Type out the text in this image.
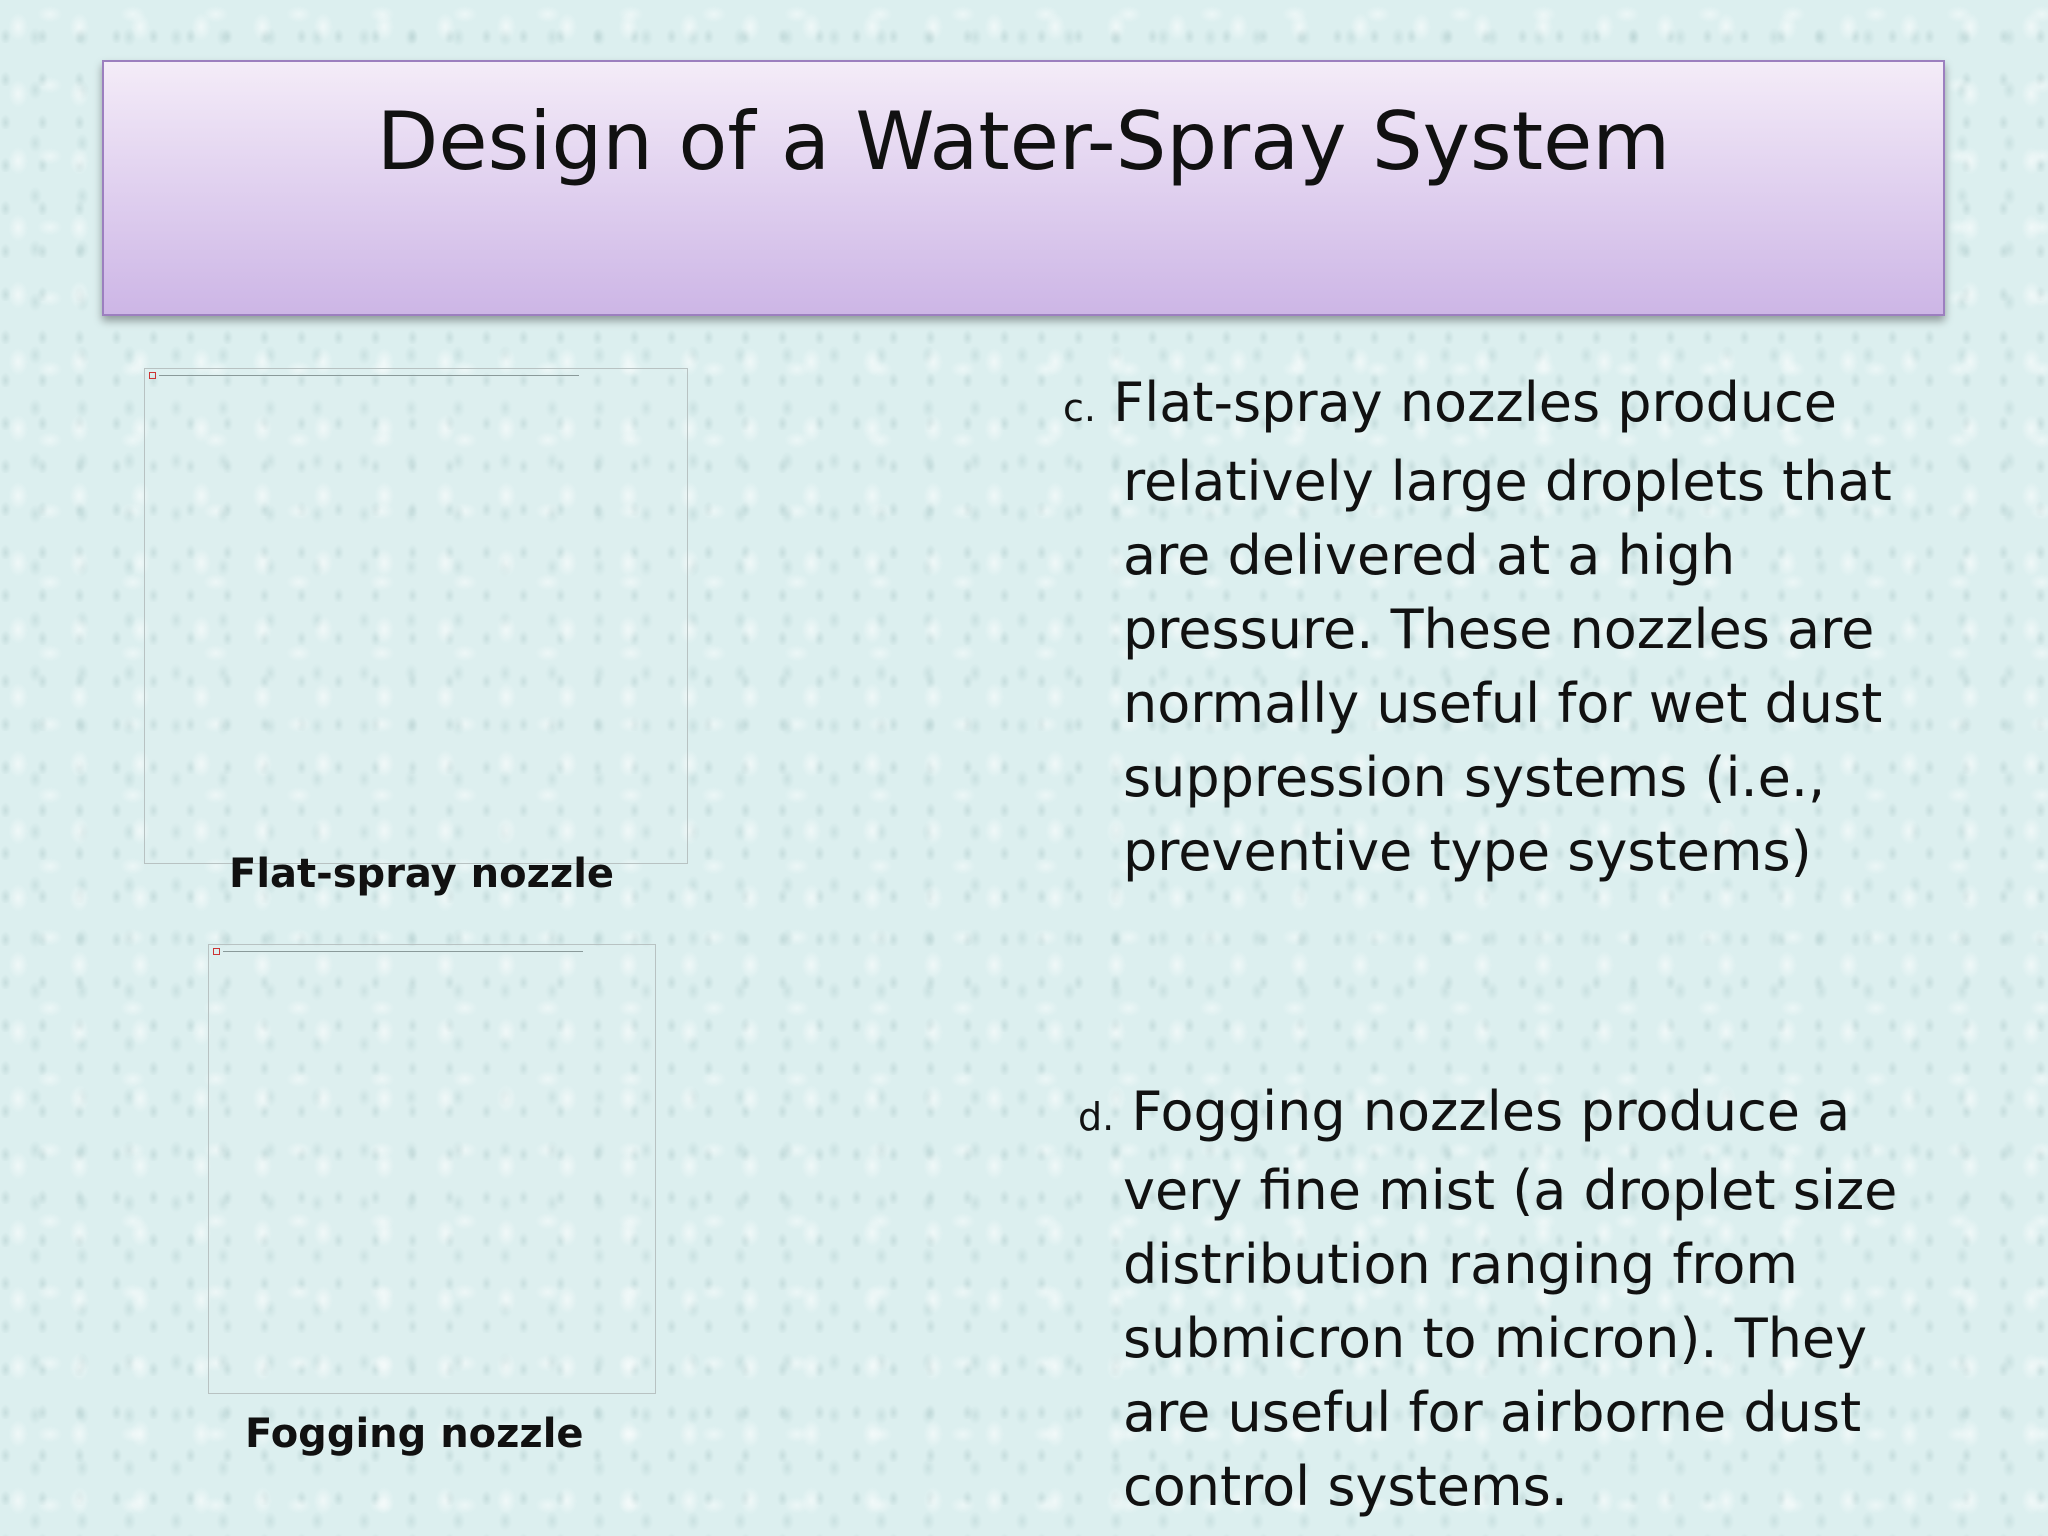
Design of a Water-Spray System
Flat-spray nozzle
Fogging nozzle
c. Flat-spray nozzles produce
relatively large droplets that are delivered at a high pressure. These nozzles are normally useful for wet dust suppression systems (i.e., preventive type systems)
d. Fogging nozzles produce a
very fine mist (a droplet size distribution ranging from submicron to micron). They are useful for airborne dust control systems.
